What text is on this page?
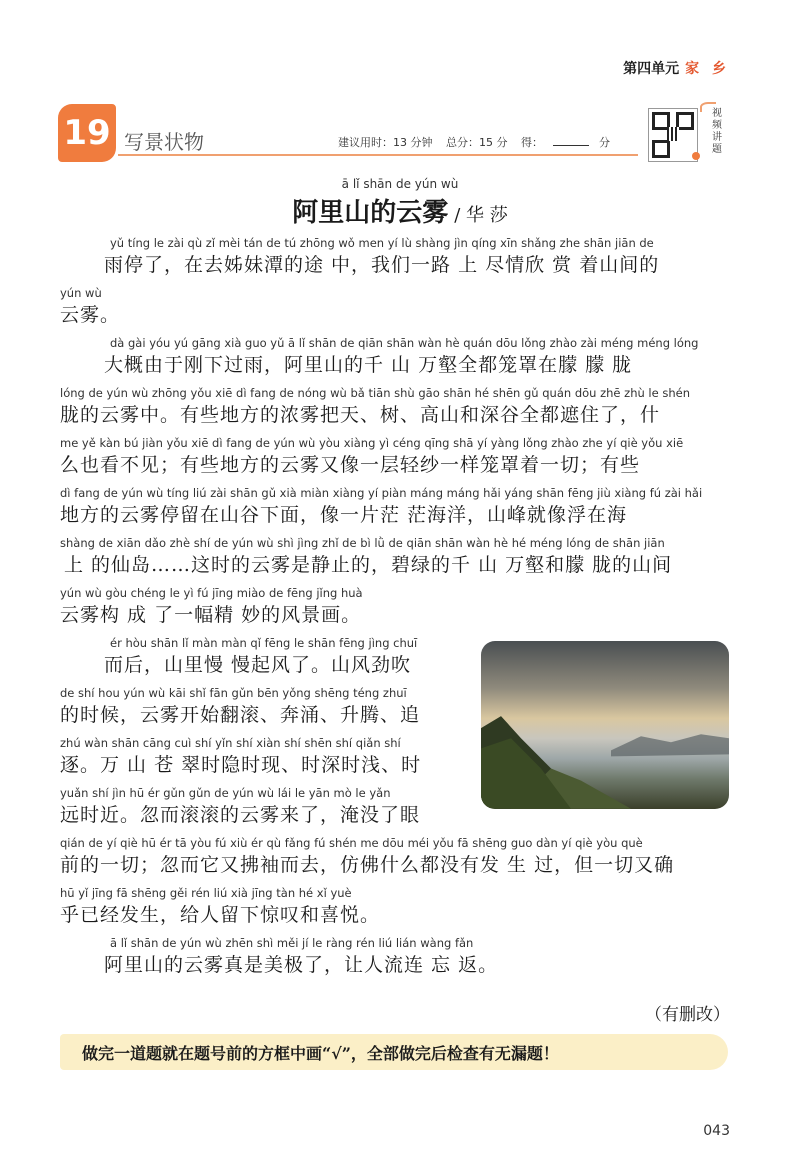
第四单元 家 乡
19 写景状物	建议用时：13 分钟 总分：15 分 得：	分
视频讲题
ā lǐ shān de yún wù
阿里山的云雾 / 华 莎
yǔ tíng le zài qù zǐ mèi tán de tú zhōng wǒ men yí lù shàng jìn qíng xīn shǎng zhe shān jiān de
雨停了，在去姊妹潭的途 中，我们一路 上 尽情欣 赏 着山间的
yún wù
云雾。
dà gài yóu yú gāng xià guo yǔ ā lǐ shān de qiān shān wàn hè quán dōu lǒng zhào zài méng méng lóng
大概由于刚下过雨，阿里山的千 山 万壑全都笼罩在朦 朦 胧
lóng de yún wù zhōng yǒu xiē dì fang de nóng wù bǎ tiān shù gāo shān hé shēn gǔ quán dōu zhē zhù le shén
胧的云雾中。有些地方的浓雾把天、树、高山和深谷全都遮住了，什
me yě kàn bú jiàn yǒu xiē dì fang de yún wù yòu xiàng yì céng qīng shā yí yàng lǒng zhào zhe yí qiè yǒu xiē
么也看不见；有些地方的云雾又像一层轻纱一样笼罩着一切；有些
dì fang de yún wù tíng liú zài shān gǔ xià miàn xiàng yí piàn máng máng hǎi yáng shān fēng jiù xiàng fú zài hǎi
地方的云雾停留在山谷下面，像一片茫 茫海洋，山峰就像浮在海
shàng de xiān dǎo zhè shí de yún wù shì jìng zhǐ de bì lǜ de qiān shān wàn hè hé méng lóng de shān jiān
上 的仙岛……这时的云雾是静止的，碧绿的千 山 万壑和朦 胧的山间
yún wù gòu chéng le yì fú jīng miào de fēng jǐng huà
云雾构 成 了一幅精 妙的风景画。
ér hòu shān lǐ màn màn qǐ fēng le shān fēng jìng chuī
而后，山里慢 慢起风了。山风劲吹
de shí hou yún wù kāi shǐ fān gǔn bēn yǒng shēng téng zhuī
的时候，云雾开始翻滚、奔涌、升腾、追
zhú wàn shān cāng cuì shí yǐn shí xiàn shí shēn shí qiǎn shí
逐。万 山 苍 翠时隐时现、时深时浅、时
yuǎn shí jìn hū ér gǔn gǔn de yún wù lái le yān mò le yǎn
远时近。忽而滚滚的云雾来了，淹没了眼
qián de yí qiè hū ér tā yòu fú xiù ér qù fǎng fú shén me dōu méi yǒu fā shēng guo dàn yí qiè yòu què
前的一切；忽而它又拂袖而去，仿佛什么都没有发 生 过，但一切又确
hū yǐ jīng fā shēng gěi rén liú xià jīng tàn hé xǐ yuè
乎已经发生，给人留下惊叹和喜悦。
ā lǐ shān de yún wù zhēn shì měi jí le ràng rén liú lián wàng fǎn
阿里山的云雾真是美极了，让人流连 忘 返。
（有删改）
做完一道题就在题号前的方框中画“√”，全部做完后检查有无漏题！
043
